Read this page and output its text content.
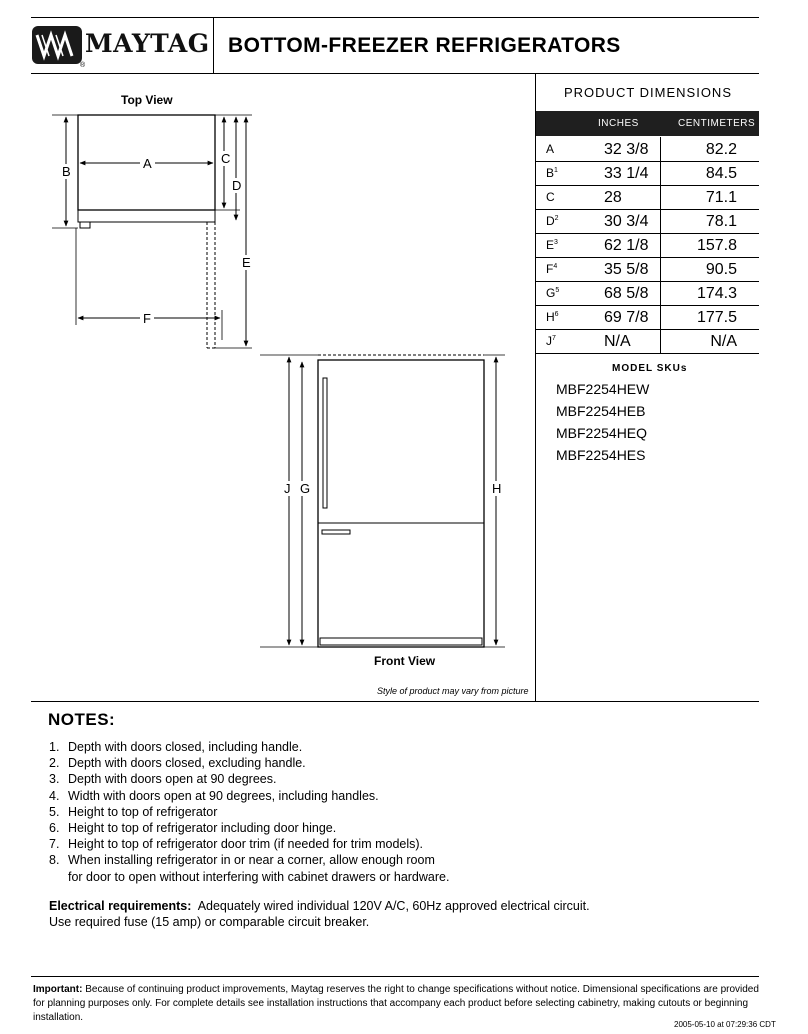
MAYTAG
®
BOTTOM-FREEZER REFRIGERATORS
PRODUCT DIMENSIONS
INCHES	CENTIMETERS
A	32 3/8	82.2
$B^1$	33 1/4	84.5
C	28	71.1
$D^2$	30 3/4	78.1
$E^3$	62 1/8	157.8
$F^4$	35 5/8	90.5
$G^5$	68 5/8	174.3
$H^6$	69 7/8	177.5
$J^7$	N/A	N/A
MODEL SKUs
MBF2254HEW
MBF2254HEB
MBF2254HEQ
MBF2254HES
Top View
Front View
Style of product may vary from picture
A
B
C
D
E
F
J G	H
NOTES:
1. Depth with doors closed, including handle.
2. Depth with doors closed, excluding handle.
3. Depth with doors open at 90 degrees.
4. Width with doors open at 90 degrees, including handles.
5. Height to top of refrigerator
6. Height to top of refrigerator including door hinge.
7. Height to top of refrigerator door trim (if needed for trim models).
8. When installing refrigerator in or near a corner, allow enough room
for door to open without interfering with cabinet drawers or hardware.
Electrical requirements: Adequately wired individual 120V A/C, 60Hz approved electrical circuit.
Use required fuse (15 amp) or comparable circuit breaker.
Important: Because of continuing product improvements, Maytag reserves the right to change specifications without notice. Dimensional specifications are provided for planning purposes only. For complete details see installation instructions that accompany each product before selecting cabinetry, making cutouts or beginning installation.
2005-05-10 at 07:29:36 CDT
